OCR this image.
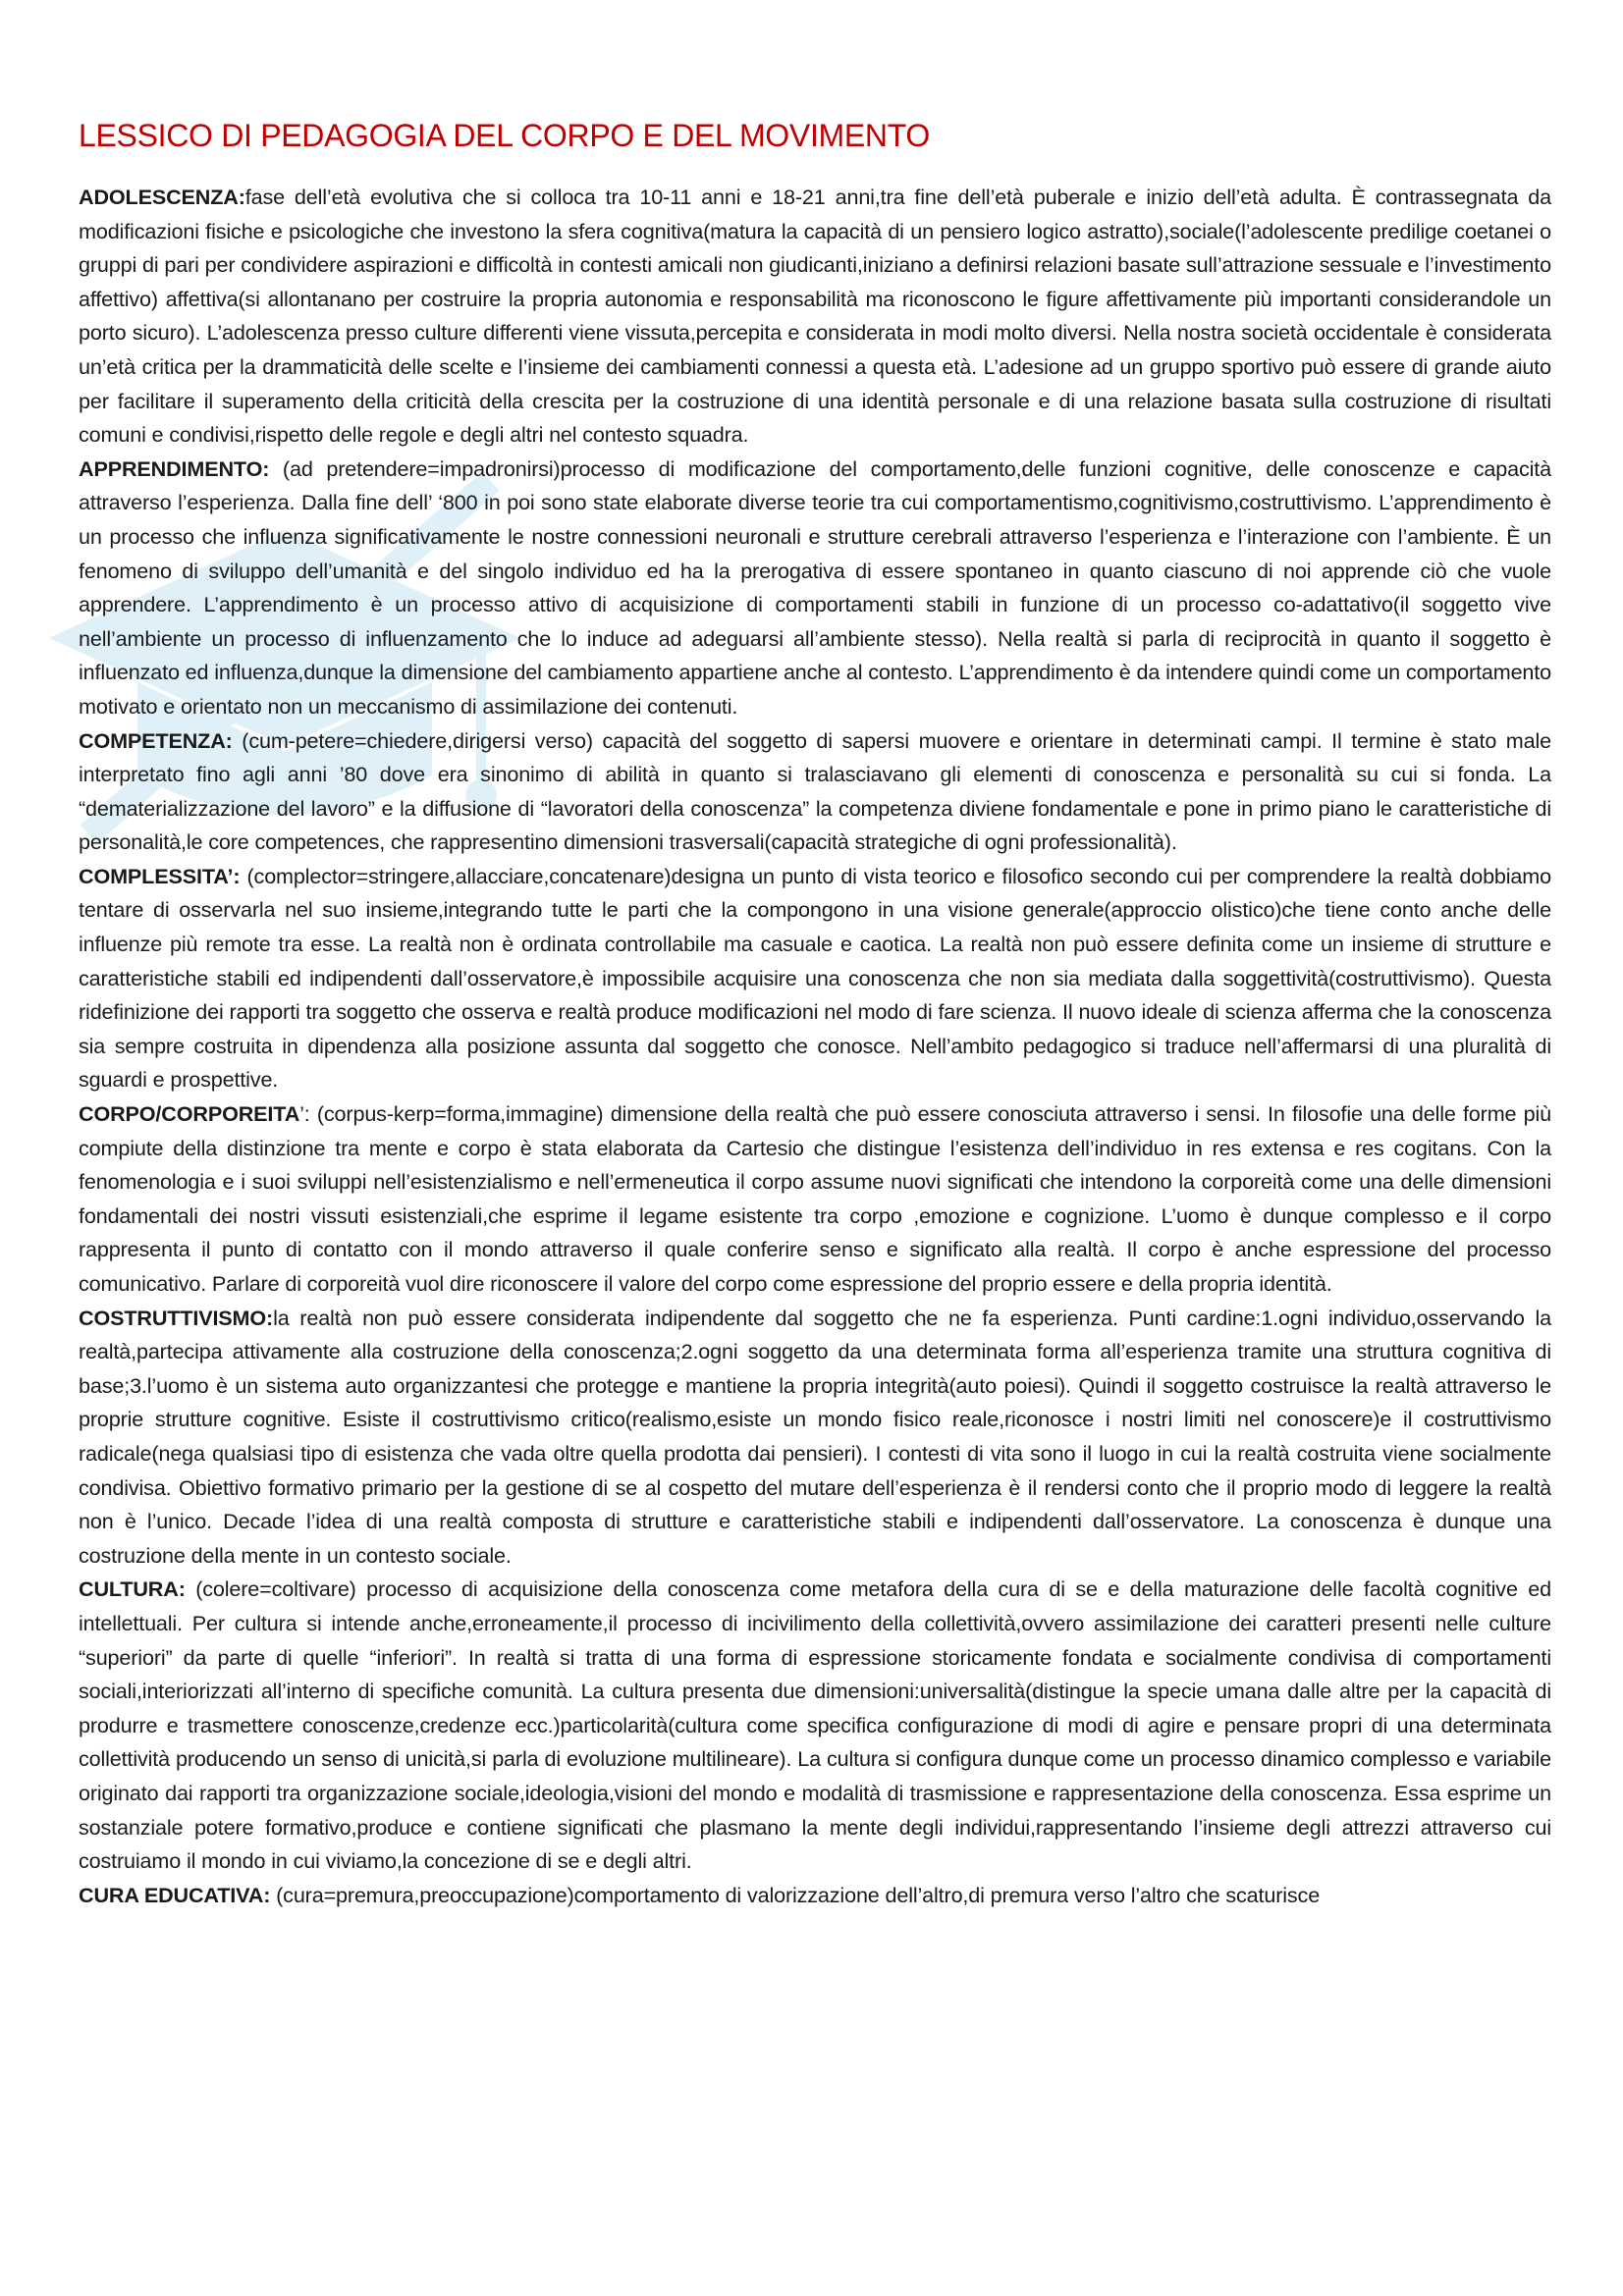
LESSICO DI PEDAGOGIA DEL CORPO E DEL MOVIMENTO

ADOLESCENZA:fase dell’età evolutiva che si colloca tra 10-11 anni e 18-21 anni,tra fine dell’età puberale e inizio dell’età adulta. È contrassegnata da modificazioni fisiche e psicologiche che investono la sfera cognitiva(matura la capacità di un pensiero logico astratto),sociale(l’adolescente predilige coetanei o gruppi di pari per condividere aspirazioni e difficoltà in contesti amicali non giudicanti,iniziano a definirsi relazioni basate sull’attrazione sessuale e l’investimento affettivo) affettiva(si allontanano per costruire la propria autonomia e responsabilità ma riconoscono le figure affettivamente più importanti considerandole un porto sicuro). L’adolescenza presso culture differenti viene vissuta,percepita e considerata in modi molto diversi. Nella nostra società occidentale è considerata un’età critica per la drammaticità delle scelte e l’insieme dei cambiamenti connessi a questa età. L’adesione ad un gruppo sportivo può essere di grande aiuto per facilitare il superamento della criticità della crescita per la costruzione di una identità personale e di una relazione basata sulla costruzione di risultati comuni e condivisi,rispetto delle regole e degli altri nel contesto squadra.

APPRENDIMENTO: (ad pretendere=impadronirsi)processo di modificazione del comportamento,delle funzioni cognitive, delle conoscenze e capacità attraverso l’esperienza. Dalla fine dell’ ‘800 in poi sono state elaborate diverse teorie tra cui comportamentismo,cognitivismo,costruttivismo. L’apprendimento è un processo che influenza significativamente le nostre connessioni neuronali e strutture cerebrali attraverso l’esperienza e l’interazione con l’ambiente. È un fenomeno di sviluppo dell’umanità e del singolo individuo ed ha la prerogativa di essere spontaneo in quanto ciascuno di noi apprende ciò che vuole apprendere. L’apprendimento è un processo attivo di acquisizione di comportamenti stabili in funzione di un processo co-adattativo(il soggetto vive nell’ambiente un processo di influenzamento che lo induce ad adeguarsi all’ambiente stesso). Nella realtà si parla di reciprocità in quanto il soggetto è influenzato ed influenza,dunque la dimensione del cambiamento appartiene anche al contesto. L’apprendimento è da intendere quindi come un comportamento motivato e orientato non un meccanismo di assimilazione dei contenuti.

COMPETENZA: (cum-petere=chiedere,dirigersi verso) capacità del soggetto di sapersi muovere e orientare in determinati campi. Il termine è stato male interpretato fino agli anni ’80 dove era sinonimo di abilità in quanto si tralasciavano gli elementi di conoscenza e personalità su cui si fonda. La “dematerializzazione del lavoro” e la diffusione di “lavoratori della conoscenza” la competenza diviene fondamentale e pone in primo piano le caratteristiche di personalità,le core competences, che rappresentino dimensioni trasversali(capacità strategiche di ogni professionalità).

COMPLESSITA’: (complector=stringere,allacciare,concatenare)designa un punto di vista teorico e filosofico secondo cui per comprendere la realtà dobbiamo tentare di osservarla nel suo insieme,integrando tutte le parti che la compongono in una visione generale(approccio olistico)che tiene conto anche delle influenze più remote tra esse. La realtà non è ordinata controllabile ma casuale e caotica. La realtà non può essere definita come un insieme di strutture e caratteristiche stabili ed indipendenti dall’osservatore,è impossibile acquisire una conoscenza che non sia mediata dalla soggettività(costruttivismo). Questa ridefinizione dei rapporti tra soggetto che osserva e realtà produce modificazioni nel modo di fare scienza. Il nuovo ideale di scienza afferma che la conoscenza sia sempre costruita in dipendenza alla posizione assunta dal soggetto che conosce. Nell’ambito pedagogico si traduce nell’affermarsi di una pluralità di sguardi e prospettive.

CORPO/CORPOREITA’: (corpus-kerp=forma,immagine) dimensione della realtà che può essere conosciuta attraverso i sensi. In filosofie una delle forme più compiute della distinzione tra mente e corpo è stata elaborata da Cartesio che distingue l’esistenza dell’individuo in res extensa e res cogitans. Con la fenomenologia e i suoi sviluppi nell’esistenzialismo e nell’ermeneutica il corpo assume nuovi significati che intendono la corporeità come una delle dimensioni fondamentali dei nostri vissuti esistenziali,che esprime il legame esistente tra corpo ,emozione e cognizione. L’uomo è dunque complesso e il corpo rappresenta il punto di contatto con il mondo attraverso il quale conferire senso e significato alla realtà. Il corpo è anche espressione del processo comunicativo. Parlare di corporeità vuol dire riconoscere il valore del corpo come espressione del proprio essere e della propria identità.

COSTRUTTIVISMO:la realtà non può essere considerata indipendente dal soggetto che ne fa esperienza. Punti cardine:1.ogni individuo,osservando la realtà,partecipa attivamente alla costruzione della conoscenza;2.ogni soggetto da una determinata forma all’esperienza tramite una struttura cognitiva di base;3.l’uomo è un sistema auto organizzantesi che protegge e mantiene la propria integrità(auto poiesi). Quindi il soggetto costruisce la realtà attraverso le proprie strutture cognitive. Esiste il costruttivismo critico(realismo,esiste un mondo fisico reale,riconosce i nostri limiti nel conoscere)e il costruttivismo radicale(nega qualsiasi tipo di esistenza che vada oltre quella prodotta dai pensieri). I contesti di vita sono il luogo in cui la realtà costruita viene socialmente condivisa. Obiettivo formativo primario per la gestione di se al cospetto del mutare dell’esperienza è il rendersi conto che il proprio modo di leggere la realtà non è l’unico. Decade l’idea di una realtà composta di strutture e caratteristiche stabili e indipendenti dall’osservatore. La conoscenza è dunque una costruzione della mente in un contesto sociale.

CULTURA: (colere=coltivare) processo di acquisizione della conoscenza come metafora della cura di se e della maturazione delle facoltà cognitive ed intellettuali. Per cultura si intende anche,erroneamente,il processo di incivilimento della collettività,ovvero assimilazione dei caratteri presenti nelle culture “superiori” da parte di quelle “inferiori”. In realtà si tratta di una forma di espressione storicamente fondata e socialmente condivisa di comportamenti sociali,interiorizzati all’interno di specifiche comunità. La cultura presenta due dimensioni:universalità(distingue la specie umana dalle altre per la capacità di produrre e trasmettere conoscenze,credenze ecc.)particolarità(cultura come specifica configurazione di modi di agire e pensare propri di una determinata collettività producendo un senso di unicità,si parla di evoluzione multilineare). La cultura si configura dunque come un processo dinamico complesso e variabile originato dai rapporti tra organizzazione sociale,ideologia,visioni del mondo e modalità di trasmissione e rappresentazione della conoscenza. Essa esprime un sostanziale potere formativo,produce e contiene significati che plasmano la mente degli individui,rappresentando l’insieme degli attrezzi attraverso cui costruiamo il mondo in cui viviamo,la concezione di se e degli altri.

CURA EDUCATIVA: (cura=premura,preoccupazione)comportamento di valorizzazione dell’altro,di premura verso l’altro che scaturisce
